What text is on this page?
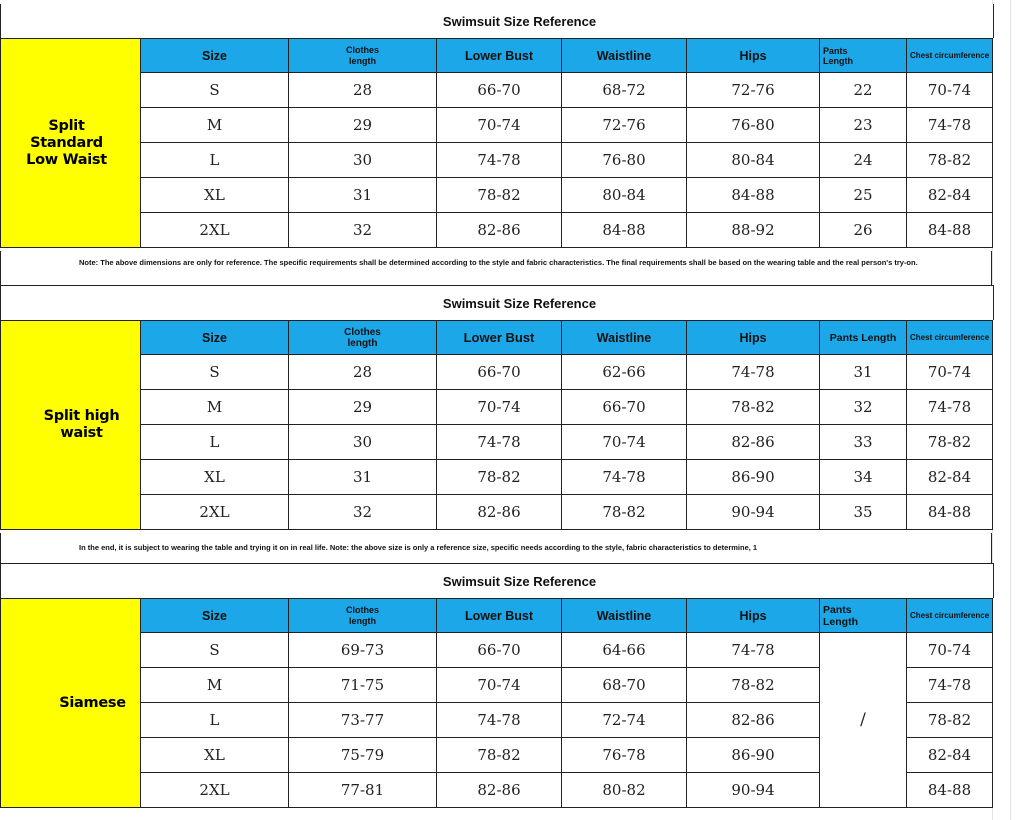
Swimsuit Size Reference
Split Standard Low Waist	Size	Clothes length	Lower Bust	Waistline	Hips	Pants Length	Chest circumference
	S	28	66-70	68-72	72-76	22	70-74
	M	29	70-74	72-76	76-80	23	74-78
	L	30	74-78	76-80	80-84	24	78-82
	XL	31	78-82	80-84	84-88	25	82-84
	2XL	32	82-86	84-88	88-92	26	84-88
Note: The above dimensions are only for reference. The specific requirements shall be determined according to the style and fabric characteristics. The final requirements shall be based on the wearing table and the real person's try-on.
Swimsuit Size Reference
Split high waist	Size	Clothes length	Lower Bust	Waistline	Hips	Pants Length	Chest circumference
	S	28	66-70	62-66	74-78	31	70-74
	M	29	70-74	66-70	78-82	32	74-78
	L	30	74-78	70-74	82-86	33	78-82
	XL	31	78-82	74-78	86-90	34	82-84
	2XL	32	82-86	78-82	90-94	35	84-88
In the end, it is subject to wearing the table and trying it on in real life. Note: the above size is only a reference size, specific needs according to the style, fabric characteristics to determine, 1
Swimsuit Size Reference
Siamese	Size	Clothes length	Lower Bust	Waistline	Hips	Pants Length	Chest circumference
	S	69-73	66-70	64-66	74-78	/	70-74
	M	71-75	70-74	68-70	78-82		74-78
	L	73-77	74-78	72-74	82-86		78-82
	XL	75-79	78-82	76-78	86-90		82-84
	2XL	77-81	82-86	80-82	90-94		84-88
